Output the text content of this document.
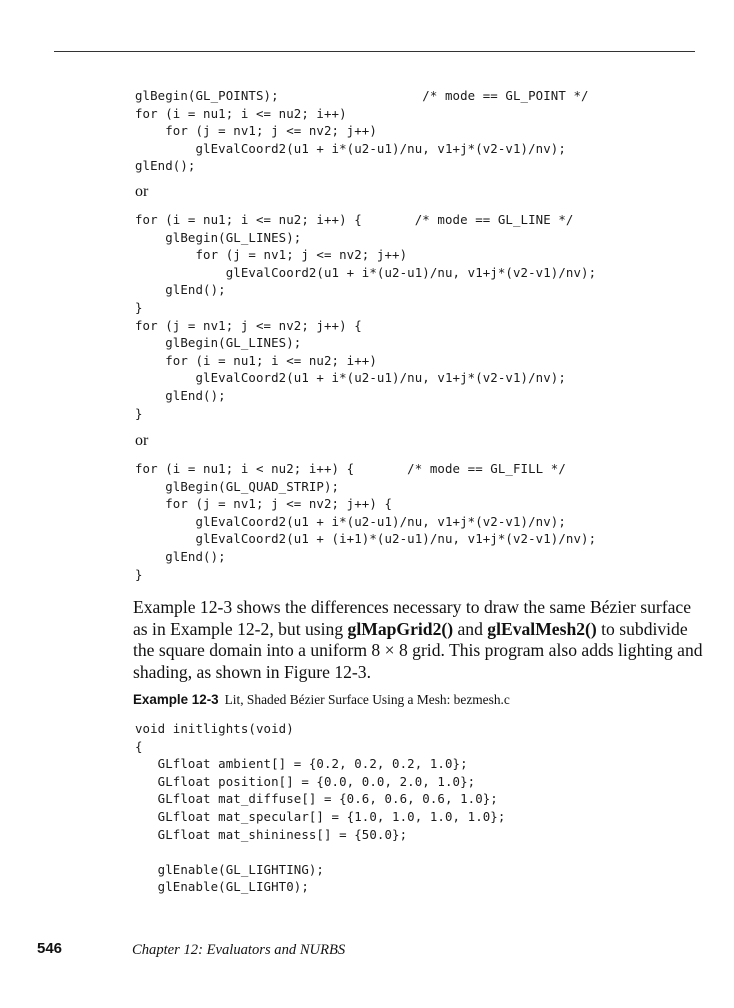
glBegin(GL_POINTS);                   /* mode == GL_POINT */
for (i = nu1; i <= nu2; i++)
for (j = nv1; j <= nv2; j++)
glEvalCoord2(u1 + i*(u2-u1)/nu, v1+j*(v2-v1)/nv);
glEnd();
or
for (i = nu1; i <= nu2; i++) {       /* mode == GL_LINE */
glBegin(GL_LINES);
for (j = nv1; j <= nv2; j++)
glEvalCoord2(u1 + i*(u2-u1)/nu, v1+j*(v2-v1)/nv);
glEnd();
}
for (j = nv1; j <= nv2; j++) {
glBegin(GL_LINES);
for (i = nu1; i <= nu2; i++)
glEvalCoord2(u1 + i*(u2-u1)/nu, v1+j*(v2-v1)/nv);
glEnd();
}
or
for (i = nu1; i < nu2; i++) {       /* mode == GL_FILL */
glBegin(GL_QUAD_STRIP);
for (j = nv1; j <= nv2; j++) {
glEvalCoord2(u1 + i*(u2-u1)/nu, v1+j*(v2-v1)/nv);
glEvalCoord2(u1 + (i+1)*(u2-u1)/nu, v1+j*(v2-v1)/nv);
glEnd();
}

Example 12-3 shows the differences necessary to draw the same Bézier surface as in Example 12-2, but using glMapGrid2() and glEvalMesh2() to subdivide the square domain into a uniform 8 × 8 grid. This program also adds lighting and shading, as shown in Figure 12-3.

Example 12-3 Lit, Shaded Bézier Surface Using a Mesh: bezmesh.c
void initlights(void)
{
GLfloat ambient[] = {0.2, 0.2, 0.2, 1.0};
GLfloat position[] = {0.0, 0.0, 2.0, 1.0};
GLfloat mat_diffuse[] = {0.6, 0.6, 0.6, 1.0};
GLfloat mat_specular[] = {1.0, 1.0, 1.0, 1.0};
GLfloat mat_shininess[] = {50.0};

glEnable(GL_LIGHTING);
glEnable(GL_LIGHT0);
546	Chapter 12: Evaluators and NURBS
